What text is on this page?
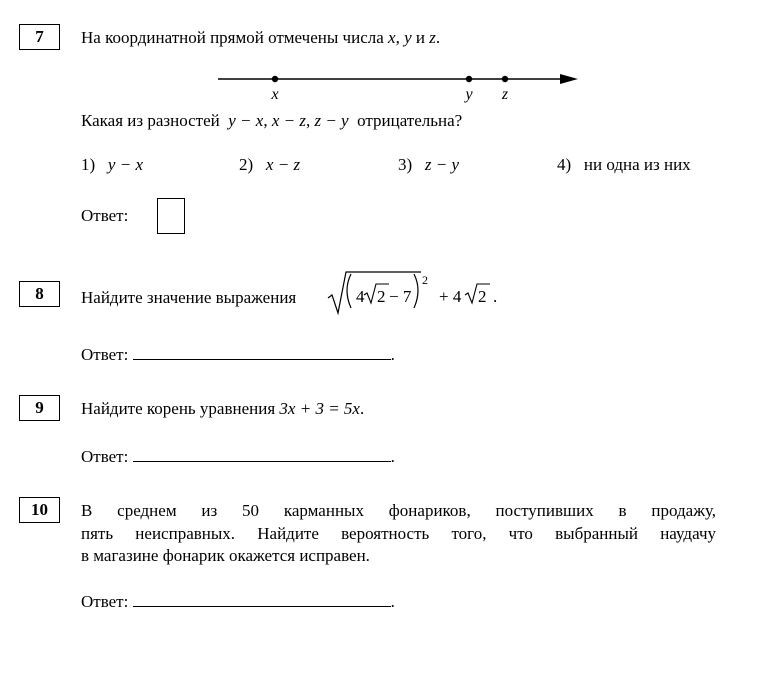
7	На координатной прямой отмечены числа x, y и z.
x	y z
Какая из разностей y − x, x − z, z − y отрицательна?
1) y − x	2) x − z	3) z − y	4) ни одна из них
Ответ:
8	Найдите значение выражения	4 2 − 7
2
+ 4 2 .
Ответ:	.
9	Найдите корень уравнения 3x + 3 = 5x.
Ответ:	.
10	В среднем из 50 карманных фонариков, поступивших в продажу,
пять неисправных. Найдите вероятность того, что выбранный наудачу
в магазине фонарик окажется исправен.
Ответ:	.
